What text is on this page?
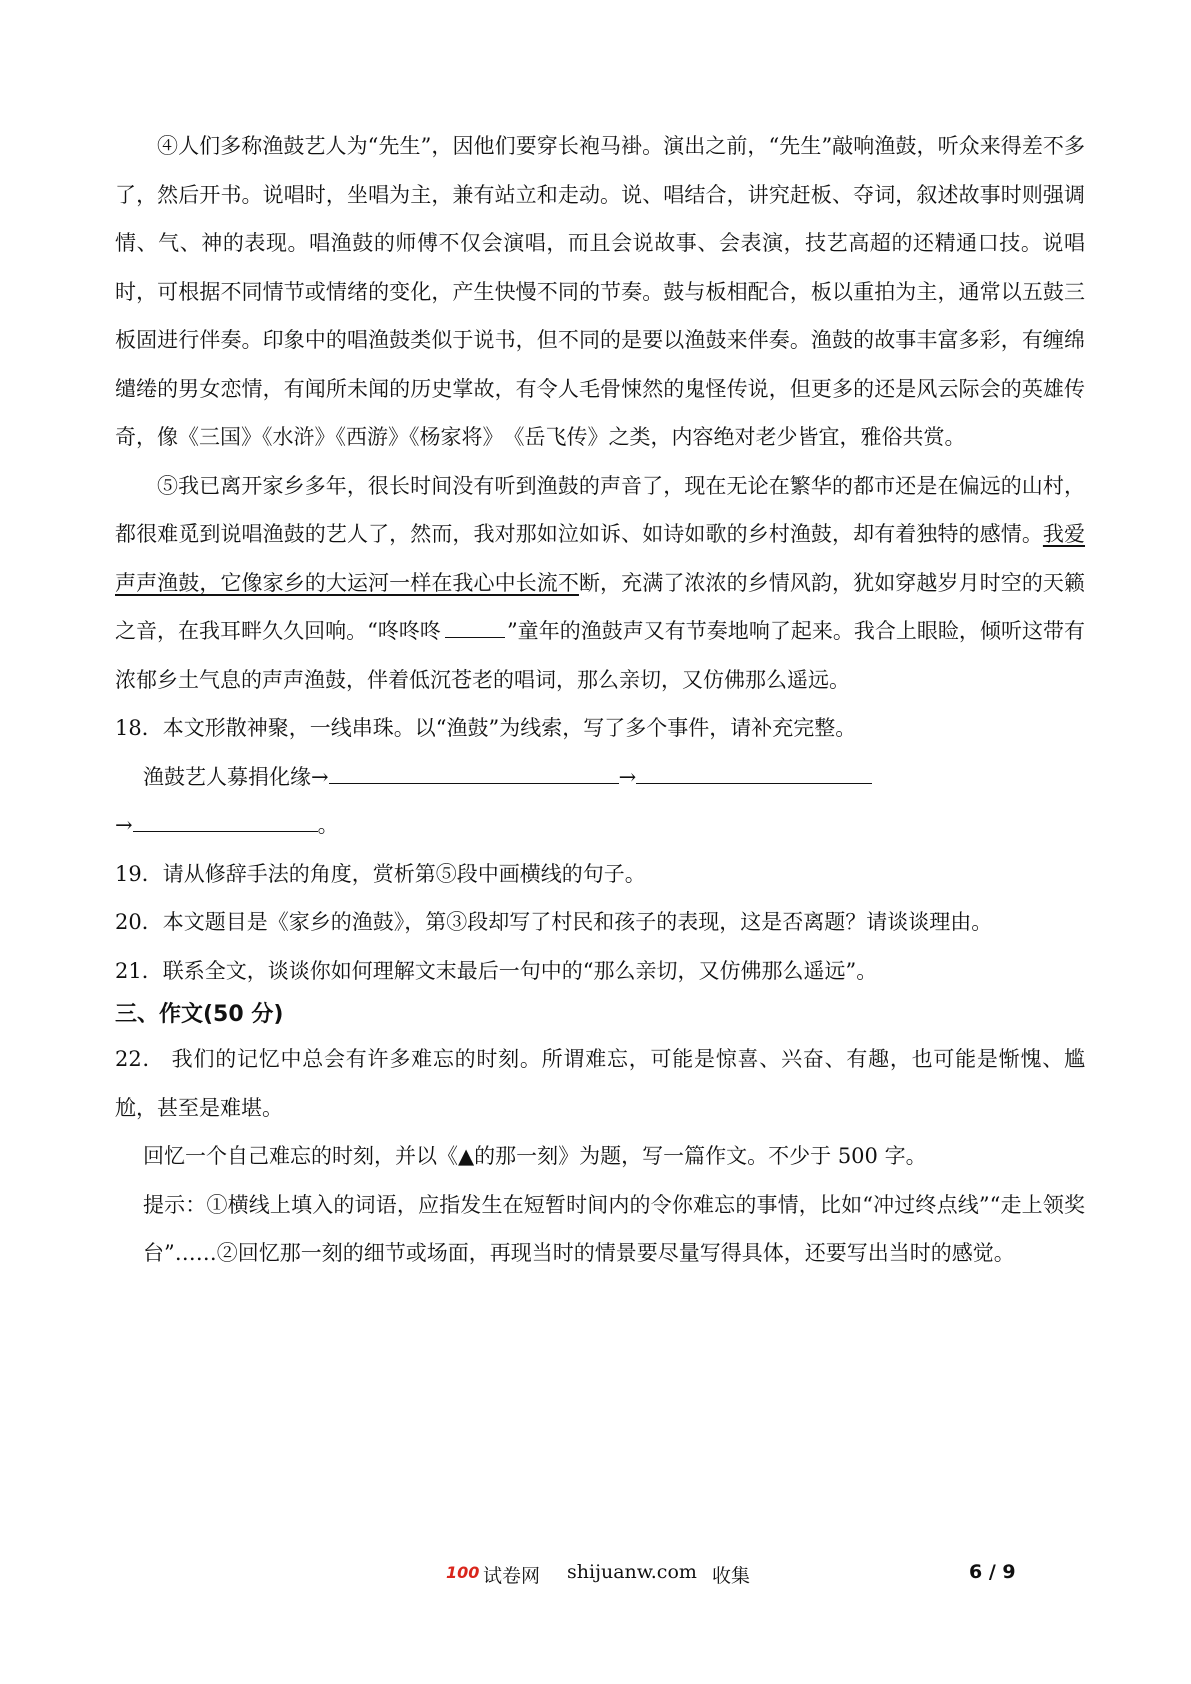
④人们多称渔鼓艺人为“先生”，因他们要穿长袍马褂。演出之前，“先生”敲响渔鼓，听众来得差不多了，然后开书。说唱时，坐唱为主，兼有站立和走动。说、唱结合，讲究赶板、夺词，叙述故事时则强调情、气、神的表现。唱渔鼓的师傅不仅会演唱，而且会说故事、会表演，技艺高超的还精通口技。说唱时，可根据不同情节或情绪的变化，产生快慢不同的节奏。鼓与板相配合，板以重拍为主，通常以五鼓三板固进行伴奏。印象中的唱渔鼓类似于说书，但不同的是要以渔鼓来伴奏。渔鼓的故事丰富多彩，有缠绵缱绻的男女恋情，有闻所未闻的历史掌故，有令人毛骨悚然的鬼怪传说，但更多的还是风云际会的英雄传奇，像《三国》《水浒》《西游》《杨家将》　《岳飞传》之类，内容绝对老少皆宜，雅俗共赏。

⑤我已离开家乡多年，很长时间没有听到渔鼓的声音了，现在无论在繁华的都市还是在偏远的山村，都很难觅到说唱渔鼓的艺人了，然而，我对那如泣如诉、如诗如歌的乡村渔鼓，却有着独特的感情。我爱声声渔鼓，它像家乡的大运河一样在我心中长流不断，充满了浓浓的乡情风韵，犹如穿越岁月时空的天籁之音，在我耳畔久久回响。“咚咚咚	”童年的渔鼓声又有节奏地响了起来。我合上眼睑，倾听这带有浓郁乡土气息的声声渔鼓，伴着低沉苍老的唱词，那么亲切，又仿佛那么遥远。

18．本文形散神聚，一线串珠。以“渔鼓”为线索，写了多个事件，请补充完整。

渔鼓艺人募捐化缘→	→

→	。

19．请从修辞手法的角度，赏析第⑤段中画横线的句子。

20．本文题目是《家乡的渔鼓》，第③段却写了村民和孩子的表现，这是否离题？请谈谈理由。

21．联系全文，谈谈你如何理解文末最后一句中的“那么亲切，又仿佛那么遥远”。

三、作文(50 分)

22． 我们的记忆中总会有许多难忘的时刻。所谓难忘，可能是惊喜、兴奋、有趣，也可能是惭愧、尴尬，甚至是难堪。

回忆一个自己难忘的时刻，并以《▲的那一刻》为题，写一篇作文。不少于 500 字。

提示：①横线上填入的词语，应指发生在短暂时间内的令你难忘的事情，比如“冲过终点线”“走上领奖台”……②回忆那一刻的细节或场面，再现当时的情景要尽量写得具体，还要写出当时的感觉。

100 试卷网 shijuanw.com 收集	6 / 9
